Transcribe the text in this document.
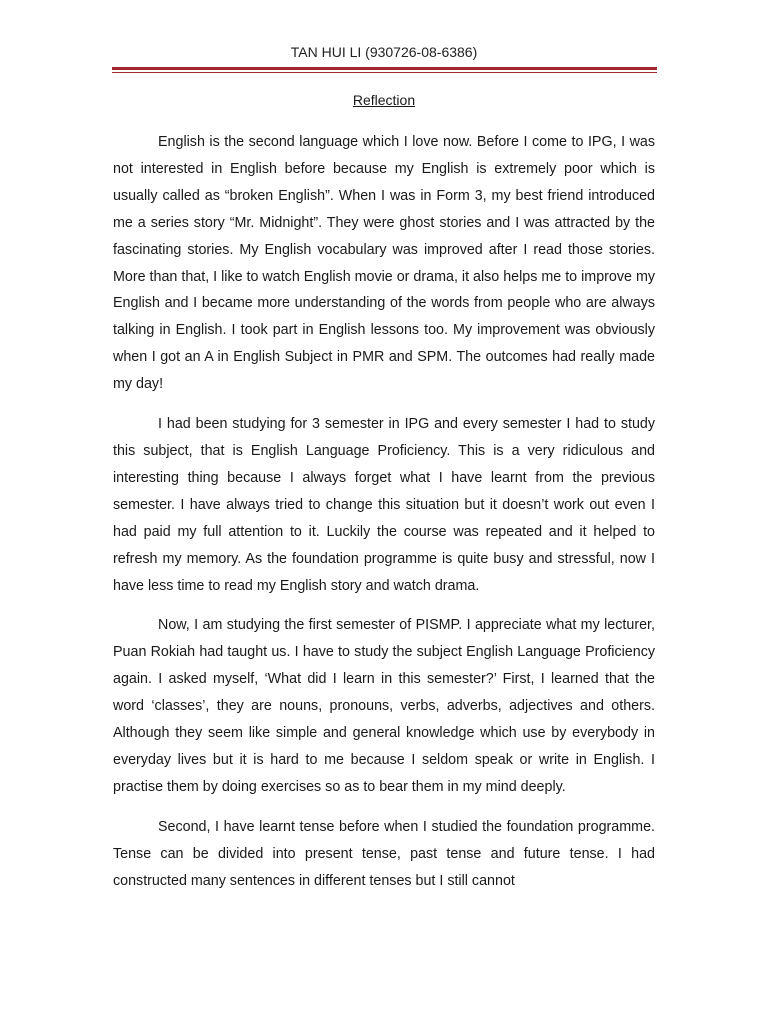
TAN HUI LI (930726-08-6386)
Reflection

English is the second language which I love now. Before I come to IPG, I was not interested in English before because my English is extremely poor which is usually called as “broken English”. When I was in Form 3, my best friend introduced me a series story “Mr. Midnight”. They were ghost stories and I was attracted by the fascinating stories. My English vocabulary was improved after I read those stories. More than that, I like to watch English movie or drama, it also helps me to improve my English and I became more understanding of the words from people who are always talking in English. I took part in English lessons too. My improvement was obviously when I got an A in English Subject in PMR and SPM. The outcomes had really made my day!

I had been studying for 3 semester in IPG and every semester I had to study this subject, that is English Language Proficiency. This is a very ridiculous and interesting thing because I always forget what I have learnt from the previous semester. I have always tried to change this situation but it doesn’t work out even I had paid my full attention to it. Luckily the course was repeated and it helped to refresh my memory. As the foundation programme is quite busy and stressful, now I have less time to read my English story and watch drama.

Now, I am studying the first semester of PISMP. I appreciate what my lecturer, Puan Rokiah had taught us. I have to study the subject English Language Proficiency again. I asked myself, ‘What did I learn in this semester?’ First, I learned that the word ‘classes’, they are nouns, pronouns, verbs, adverbs, adjectives and others. Although they seem like simple and general knowledge which use by everybody in everyday lives but it is hard to me because I seldom speak or write in English. I practise them by doing exercises so as to bear them in my mind deeply.

Second, I have learnt tense before when I studied the foundation programme. Tense can be divided into present tense, past tense and future tense. I had constructed many sentences in different tenses but I still cannot
